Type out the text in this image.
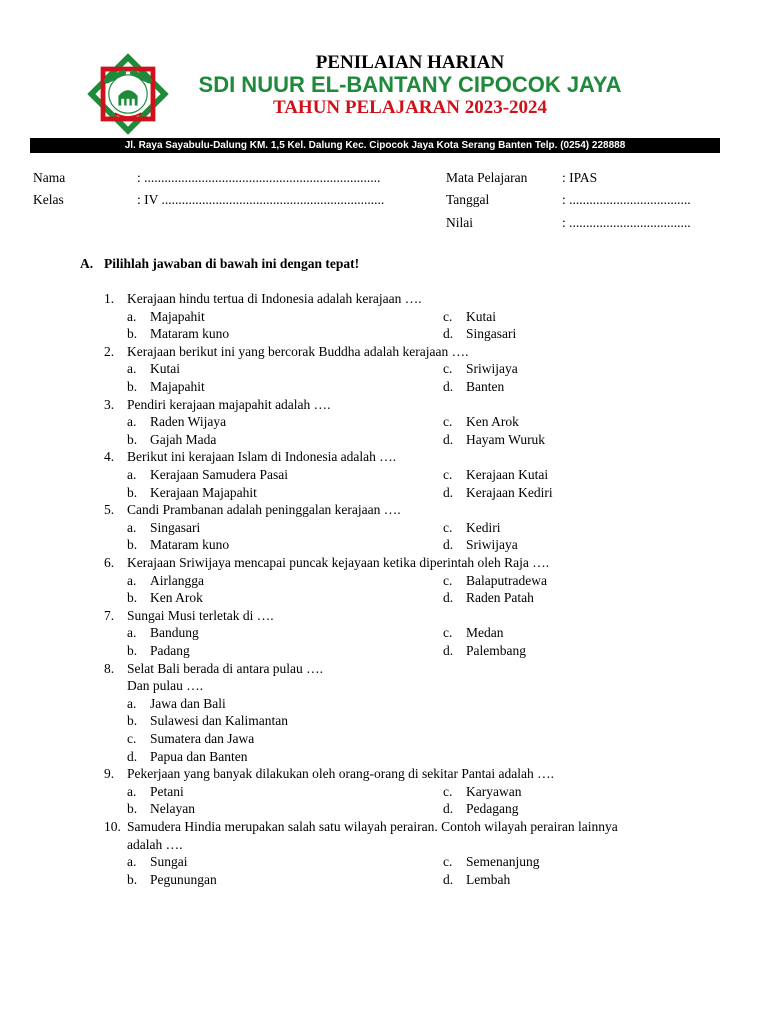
PENILAIAN HARIAN
SDI NUUR EL-BANTANY CIPOCOK JAYA
TAHUN PELAJARAN 2023-2024
Jl. Raya Sayabulu-Dalung KM. 1,5 Kel. Dalung Kec. Cipocok Jaya Kota Serang Banten Telp. (0254) 228888
Nama	: ......................................................................
Kelas	: IV ..................................................................
Mata Pelajaran	: IPAS
Tanggal	: ....................................
Nilai	: ....................................
A. Pilihlah jawaban di bawah ini dengan tepat!
1. Kerajaan hindu tertua di Indonesia adalah kerajaan ….
a. Majapahit	c. Kutai
b. Mataram kuno	d. Singasari
2. Kerajaan berikut ini yang bercorak Buddha adalah kerajaan ….
a. Kutai	c. Sriwijaya
b. Majapahit	d. Banten
3. Pendiri kerajaan majapahit adalah ….
a. Raden Wijaya	c. Ken Arok
b. Gajah Mada	d. Hayam Wuruk
4. Berikut ini kerajaan Islam di Indonesia adalah ….
a. Kerajaan Samudera Pasai	c. Kerajaan Kutai
b. Kerajaan Majapahit	d. Kerajaan Kediri
5. Candi Prambanan adalah peninggalan kerajaan ….
a. Singasari	c. Kediri
b. Mataram kuno	d. Sriwijaya
6. Kerajaan Sriwijaya mencapai puncak kejayaan ketika diperintah oleh Raja ….
a. Airlangga	c. Balaputradewa
b. Ken Arok	d. Raden Patah
7. Sungai Musi terletak di ….
a. Bandung	c. Medan
b. Padang	d. Palembang
8. Selat Bali berada di antara pulau ….
Dan pulau ….
a. Jawa dan Bali
b. Sulawesi dan Kalimantan
c. Sumatera dan Jawa
d. Papua dan Banten
9. Pekerjaan yang banyak dilakukan oleh orang-orang di sekitar Pantai adalah ….
a. Petani	c. Karyawan
b. Nelayan	d. Pedagang
10. Samudera Hindia merupakan salah satu wilayah perairan. Contoh wilayah perairan lainnya
adalah ….
a. Sungai	c. Semenanjung
b. Pegunungan	d. Lembah
